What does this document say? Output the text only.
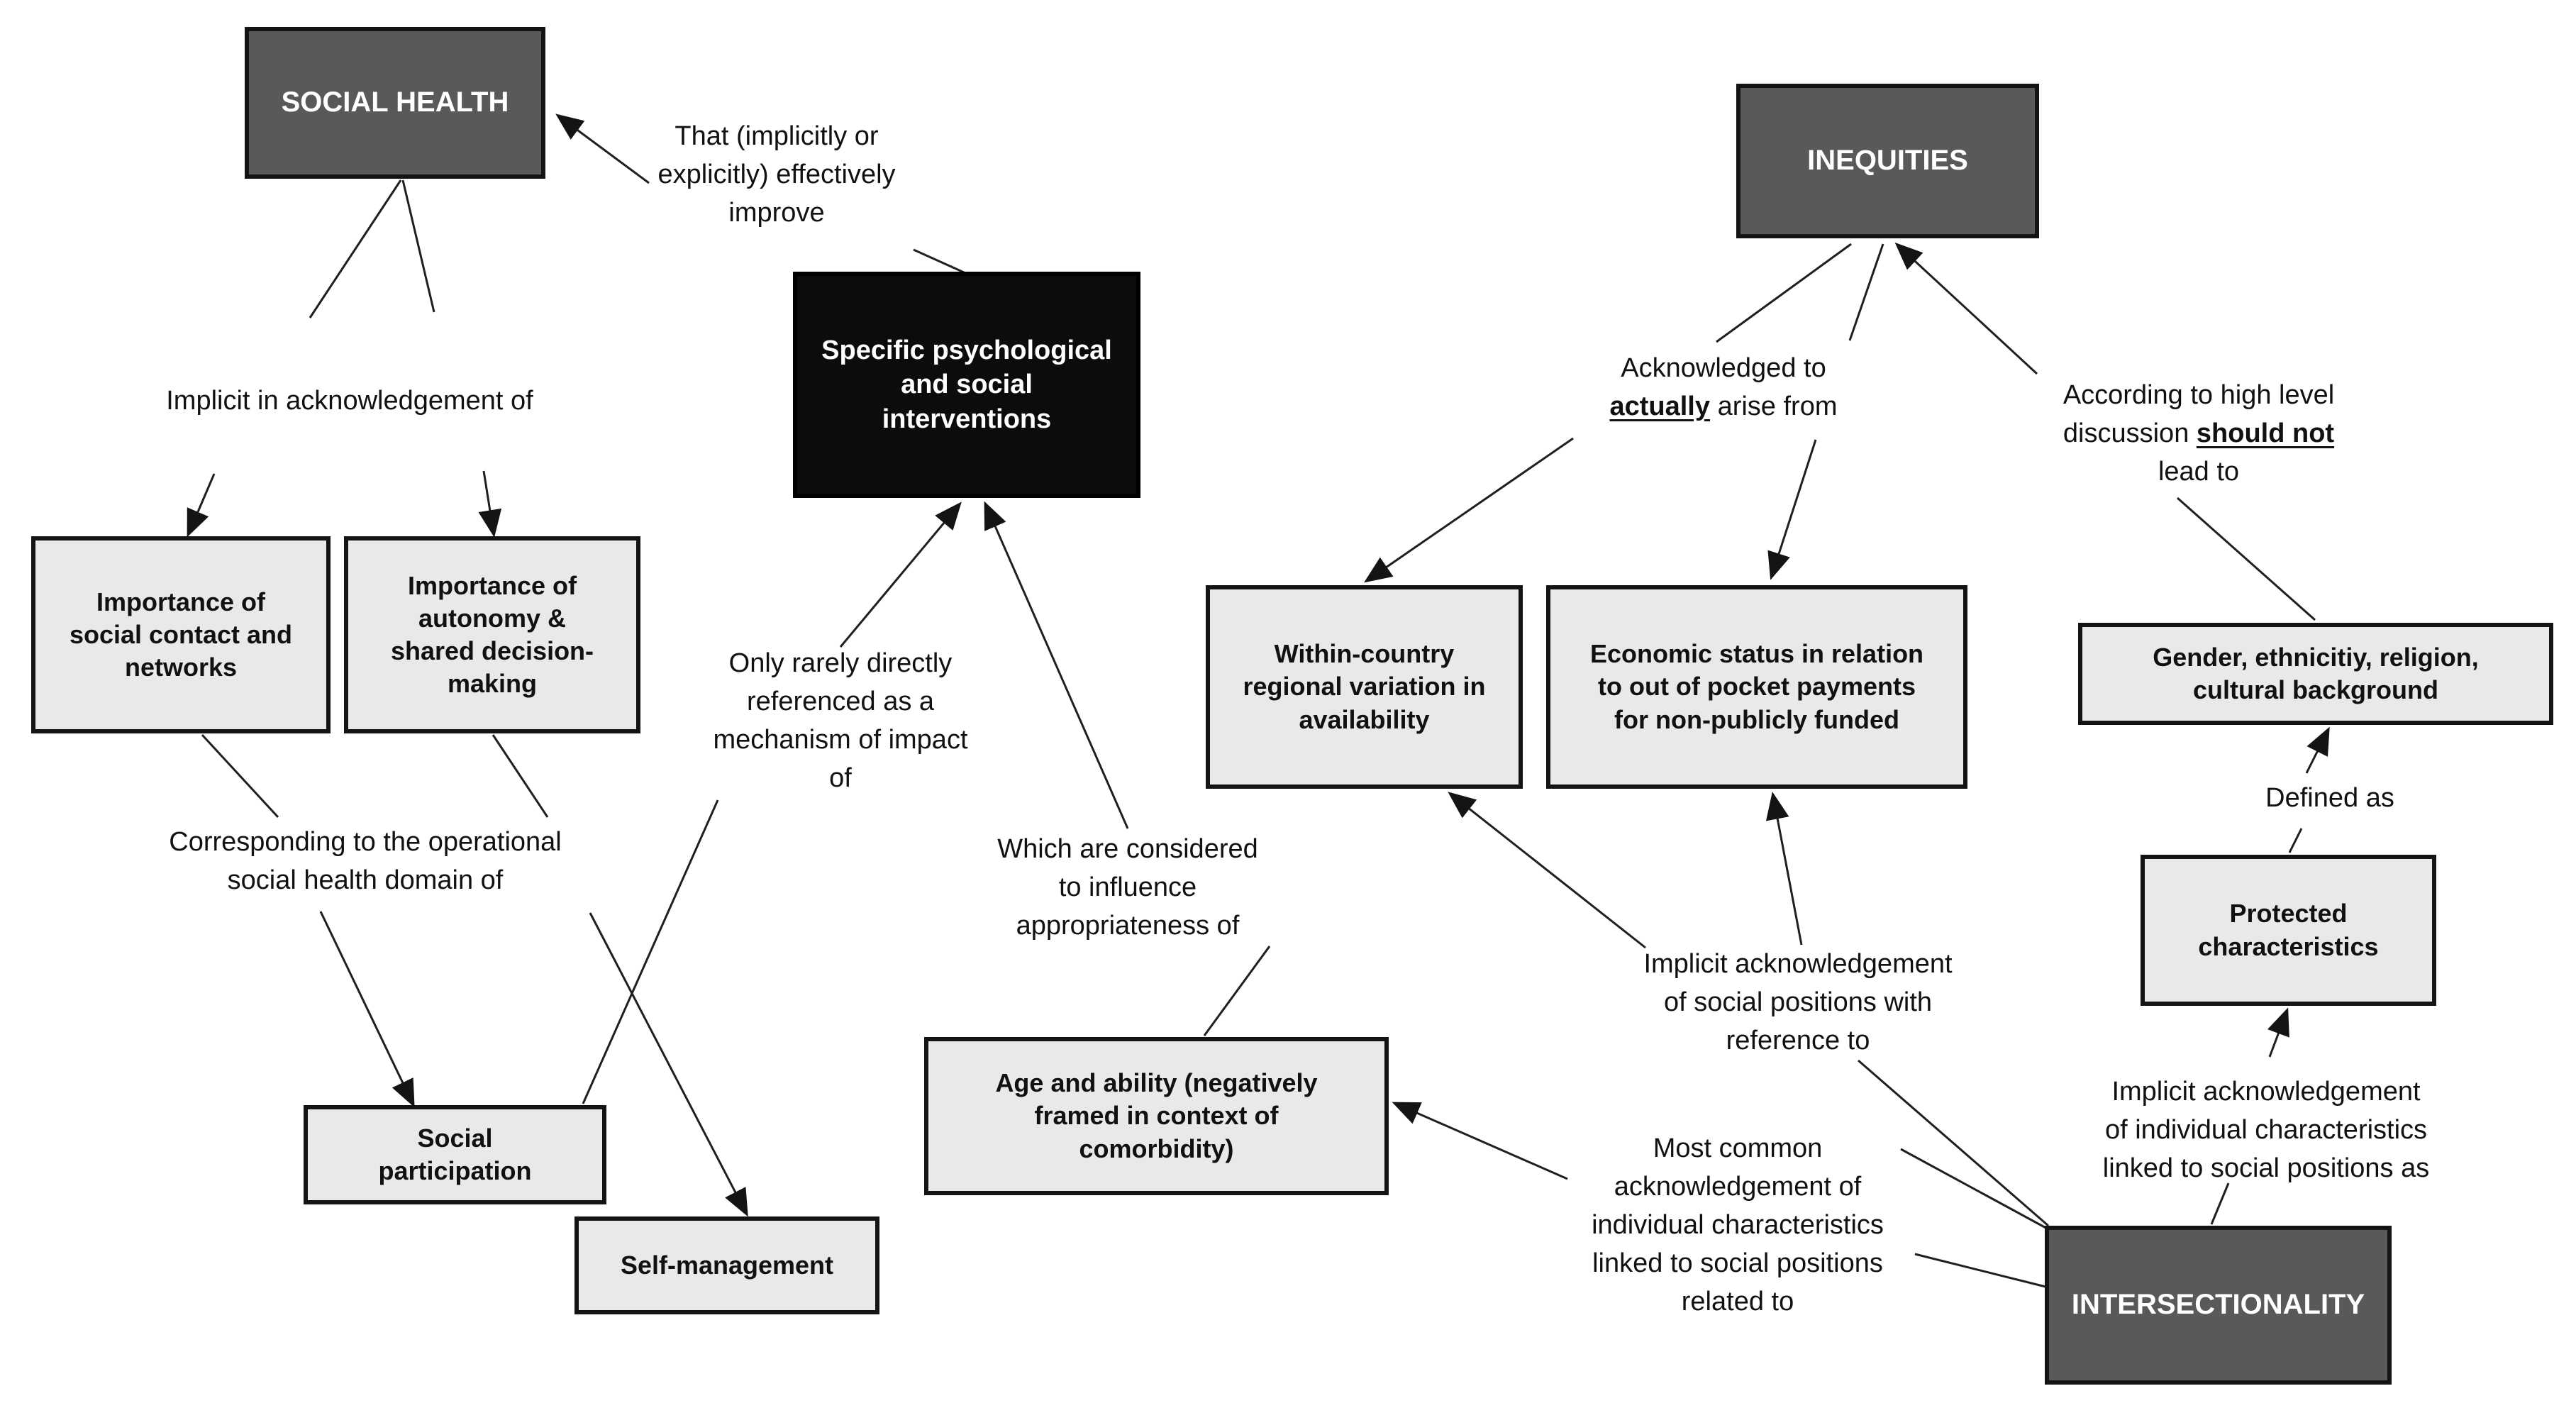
SOCIAL HEALTH
INEQUITIES
Specific psychological
and social
interventions
Importance of
social contact and
networks
Importance of
autonomy &
shared decision-
making
Within-country
regional variation in
availability
Economic status in relation
to out of pocket payments
for non-publicly funded
Gender, ethnicitiy, religion,
cultural background
Protected
characteristics
Age and ability (negatively
framed in context of
comorbidity)
Social
participation
Self-management
INTERSECTIONALITY
That (implicitly or
explicitly) effectively
improve
Implicit in acknowledgement of
Acknowledged to
actually arise from	According to high level
discussion should not
lead to
Only rarely directly
referenced as a
mechanism of impact
of
Corresponding to the operational
social health domain of
Which are considered
to influence
appropriateness of
Defined as
Implicit acknowledgement
of social positions with
reference to
Most common
acknowledgement of
individual characteristics
linked to social positions
related to
Implicit acknowledgement
of individual characteristics
linked to social positions as
